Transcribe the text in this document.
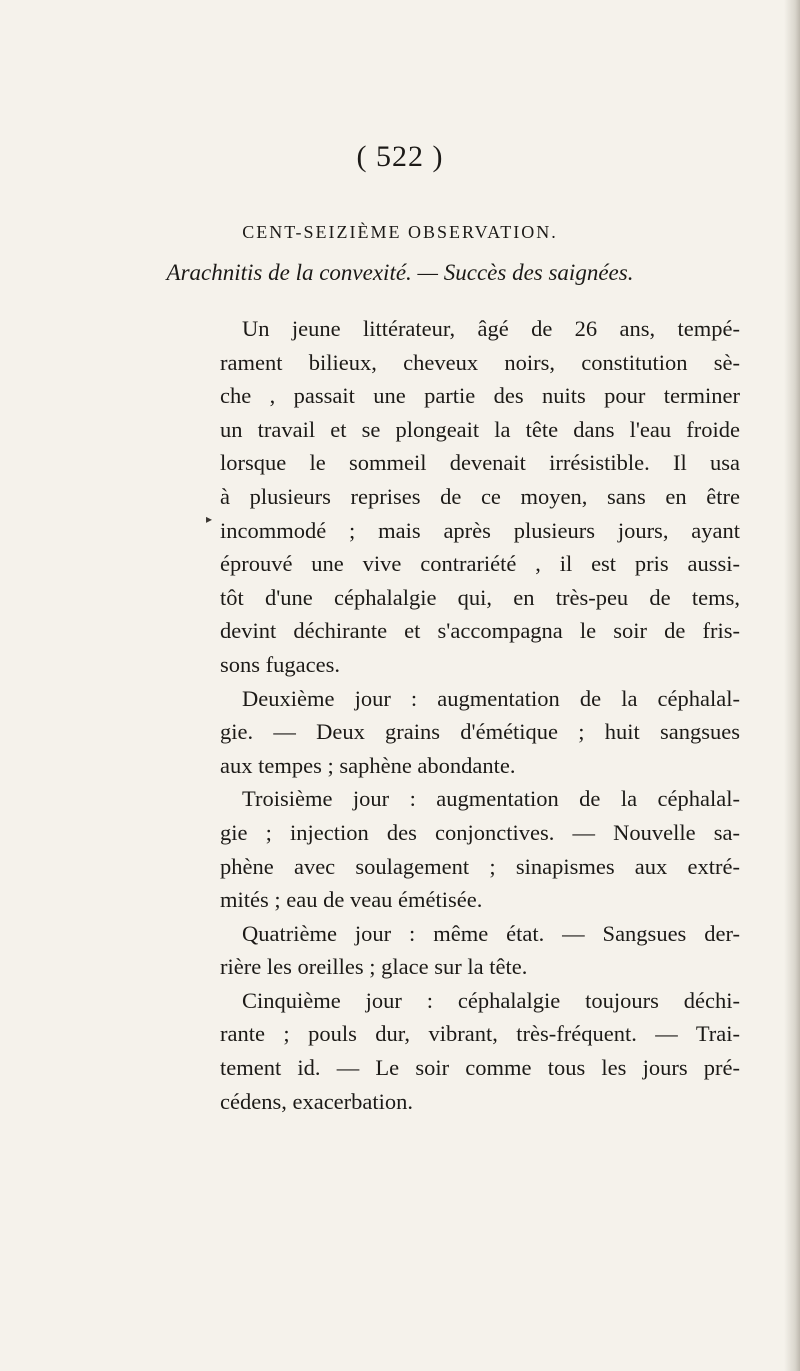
( 522 )
CENT-SEIZIÈME OBSERVATION.
Arachnitis de la convexité. — Succès des saignées.
▸
Un jeune littérateur, âgé de 26 ans, tempé-
rament bilieux, cheveux noirs, constitution sè-
che , passait une partie des nuits pour terminer
un travail et se plongeait la tête dans l'eau froide
lorsque le sommeil devenait irrésistible. Il usa
à plusieurs reprises de ce moyen, sans en être
incommodé ; mais après plusieurs jours, ayant
éprouvé une vive contrariété , il est pris aussi-
tôt d'une céphalalgie qui, en très-peu de tems,
devint déchirante et s'accompagna le soir de fris-
sons fugaces.
Deuxième jour : augmentation de la céphalal-
gie. — Deux grains d'émétique ; huit sangsues
aux tempes ; saphène abondante.
Troisième jour : augmentation de la céphalal-
gie ; injection des conjonctives. — Nouvelle sa-
phène avec soulagement ; sinapismes aux extré-
mités ; eau de veau émétisée.
Quatrième jour : même état. — Sangsues der-
rière les oreilles ; glace sur la tête.
Cinquième jour : céphalalgie toujours déchi-
rante ; pouls dur, vibrant, très-fréquent. — Trai-
tement id. — Le soir comme tous les jours pré-
cédens, exacerbation.
